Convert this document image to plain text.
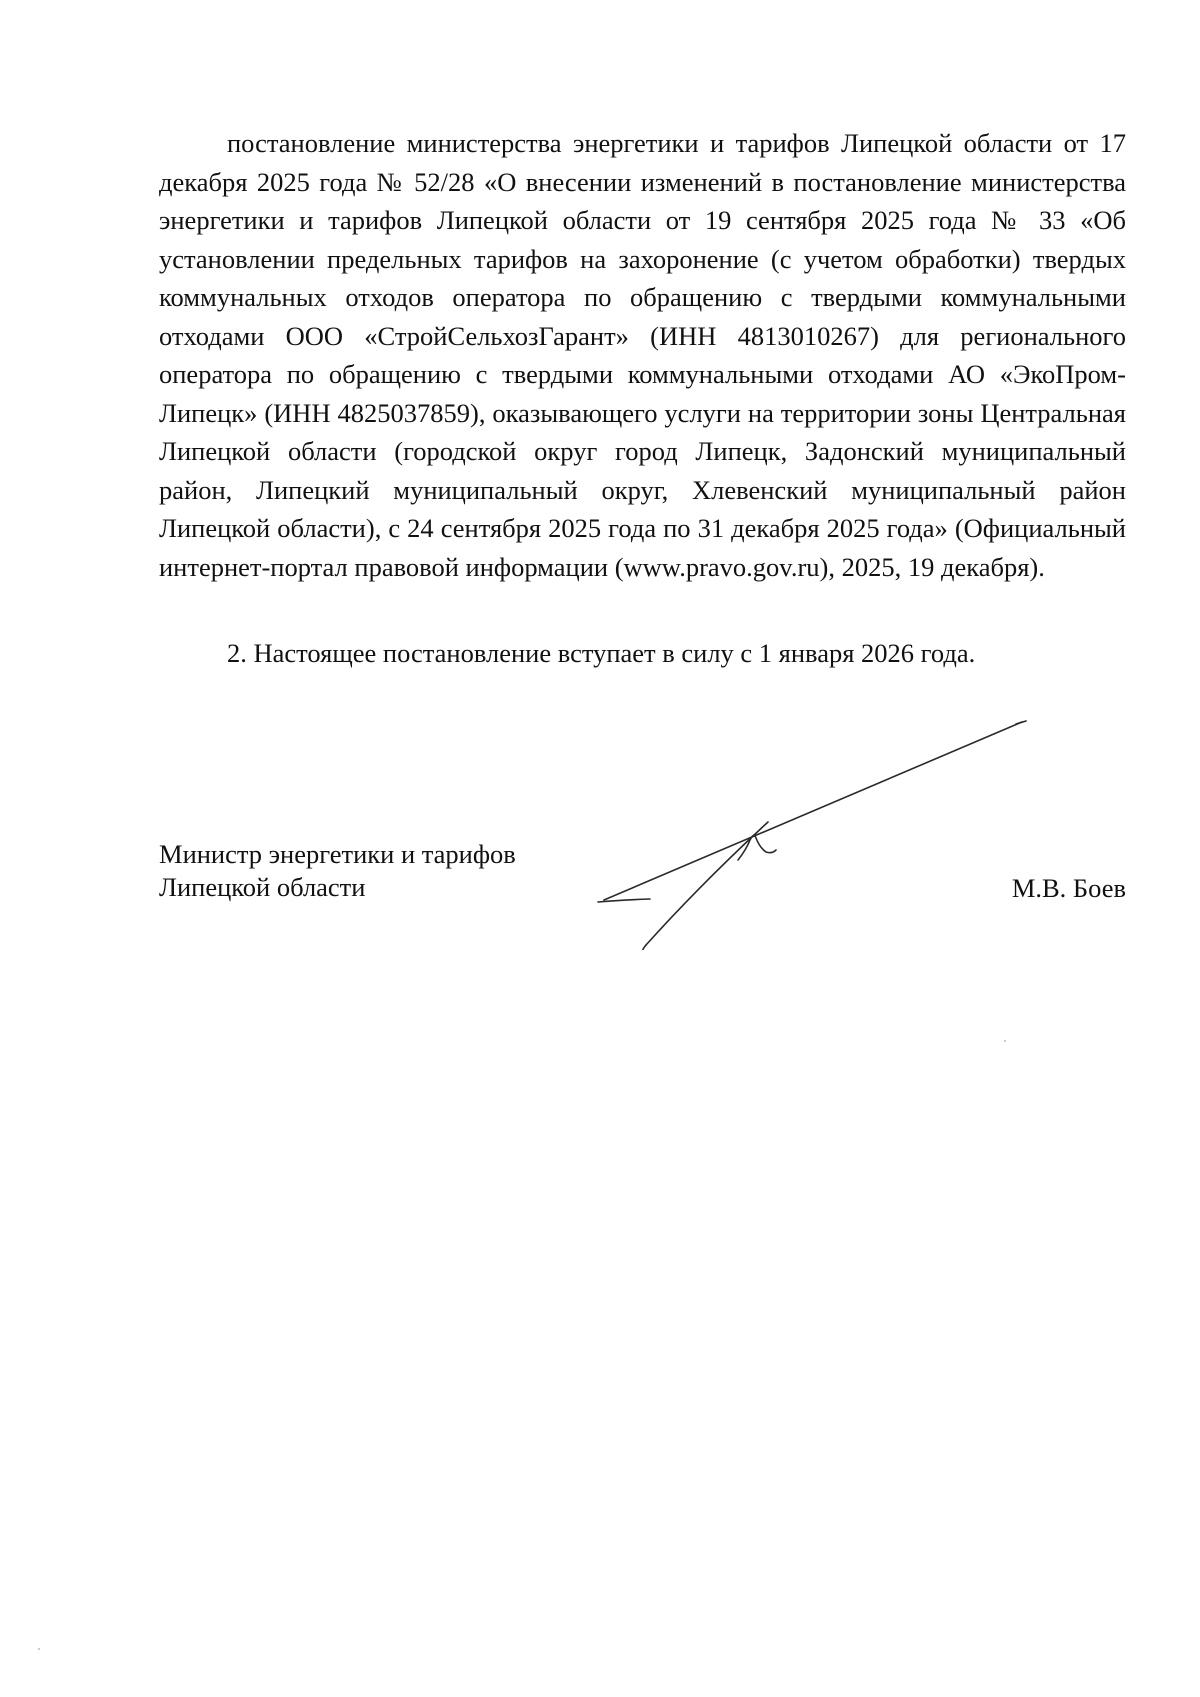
постановление министерства энергетики и тарифов Липецкой области от 17 декабря 2025 года № 52/28 «О внесении изменений в постановление министерства энергетики и тарифов Липецкой области от 19 сентября 2025 года № 33 «Об установлении предельных тарифов на захоронение (с учетом обработки) твердых коммунальных отходов оператора по обращению с твердыми коммунальными отходами ООО «СтройСельхозГарант» (ИНН 4813010267) для регионального оператора по обращению с твердыми коммунальными отходами АО «ЭкоПром-Липецк» (ИНН 4825037859), оказывающего услуги на территории зоны Центральная Липецкой области (городской округ город Липецк, Задонский муниципальный район, Липецкий муниципальный округ, Хлевенский муниципальный район Липецкой области), с 24 сентября 2025 года по 31 декабря 2025 года» (Официальный интернет-портал правовой информации (www.pravo.gov.ru), 2025, 19 декабря).

2. Настоящее постановление вступает в силу с 1 января 2026 года.

Министр энергетики и тарифов
Липецкой области	М.В. Боев
